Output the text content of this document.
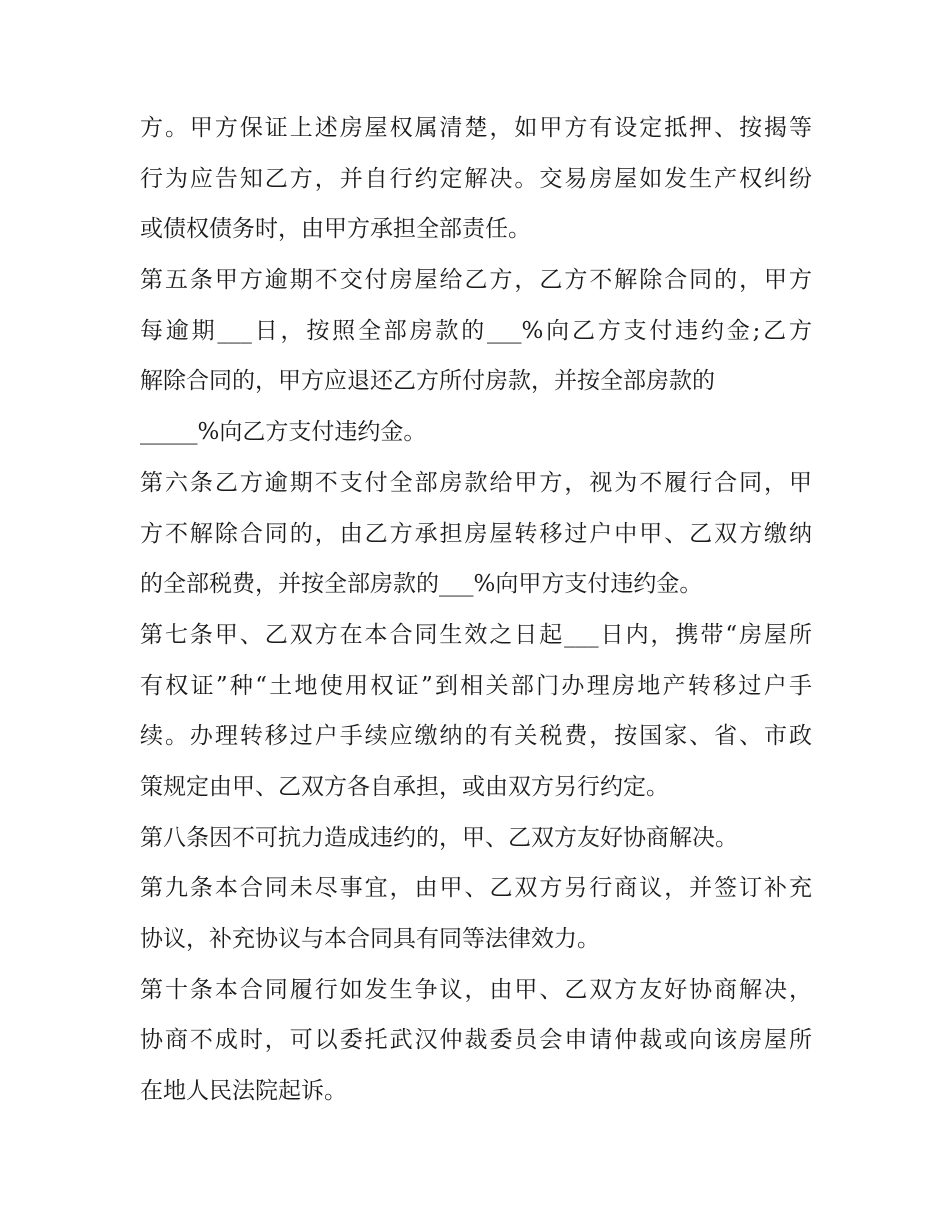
方。甲方保证上述房屋权属清楚，如甲方有设定抵押、按揭等
行为应告知乙方，并自行约定解决。交易房屋如发生产权纠纷
或债权债务时，由甲方承担全部责任。
第五条甲方逾期不交付房屋给乙方，乙方不解除合同的，甲方
每逾期___日，按照全部房款的___%向乙方支付违约金;乙方
解除合同的，甲方应退还乙方所付房款，并按全部房款的
_____%向乙方支付违约金。
第六条乙方逾期不支付全部房款给甲方，视为不履行合同，甲
方不解除合同的，由乙方承担房屋转移过户中甲、乙双方缴纳
的全部税费，并按全部房款的___%向甲方支付违约金。
第七条甲、乙双方在本合同生效之日起___日内，携带“房屋所
有权证”种“土地使用权证”到相关部门办理房地产转移过户手
续。办理转移过户手续应缴纳的有关税费，按国家、省、市政
策规定由甲、乙双方各自承担，或由双方另行约定。
第八条因不可抗力造成违约的，甲、乙双方友好协商解决。
第九条本合同未尽事宜，由甲、乙双方另行商议，并签订补充
协议，补充协议与本合同具有同等法律效力。
第十条本合同履行如发生争议，由甲、乙双方友好协商解决，
协商不成时，可以委托武汉仲裁委员会申请仲裁或向该房屋所
在地人民法院起诉。
